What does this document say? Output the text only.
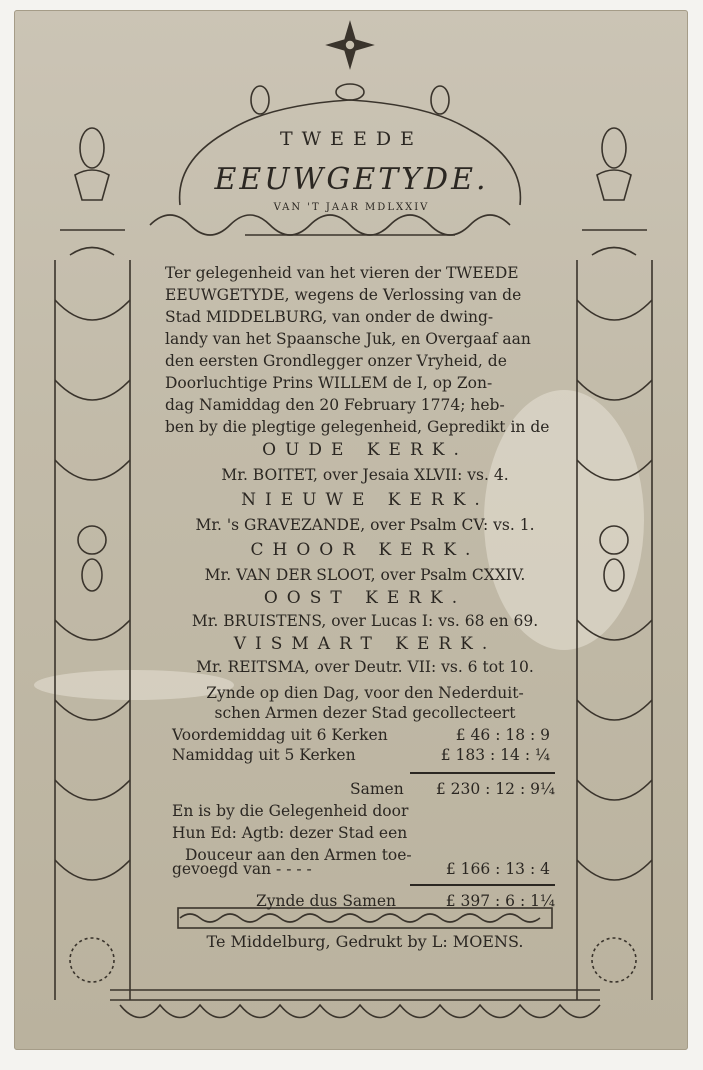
TWEEDE
EEUWGETYDE.
VAN 'T JAAR MDLXXIV
Ter gelegenheid van het vieren der TWEEDE
EEUWGETYDE, wegens de Verlossing van de
Stad MIDDELBURG, van onder de dwing-
landy van het Spaansche Juk, en Overgaaf aan
den eersten Grondlegger onzer Vryheid, de
Doorluchtige Prins WILLEM de I, op Zon-
dag Namiddag den 20 February 1774; heb-
ben by die plegtige gelegenheid, Gepredikt in de
OUDE KERK.
Mr. BOITET, over Jesaia XLVII: vs. 4.
NIEUWE KERK.
Mr. 's GRAVEZANDE, over Psalm CV: vs. 1.
CHOOR KERK.
Mr. VAN DER SLOOT, over Psalm CXXIV.
OOST KERK.
Mr. BRUISTENS, over Lucas I: vs. 68 en 69.
VISMART KERK.
Mr. REITSMA, over Deutr. VII: vs. 6 tot 10.
Zynde op dien Dag, voor den Nederduit-
schen Armen dezer Stad gecollecteert
Voordemiddag uit 6 Kerken	£ 46 : 18 : 9
Namiddag uit 5 Kerken	£ 183 : 14 : ¼
Samen	£ 230 : 12 : 9¼
En is by die Gelegenheid door
Hun Ed: Agtb: dezer Stad een
Douceur aan den Armen toe-
gevoegd van - - - -	£ 166 : 13 : 4
Zynde dus Samen	£ 397 : 6 : 1¼
Te Middelburg, Gedrukt by L: MOENS.
